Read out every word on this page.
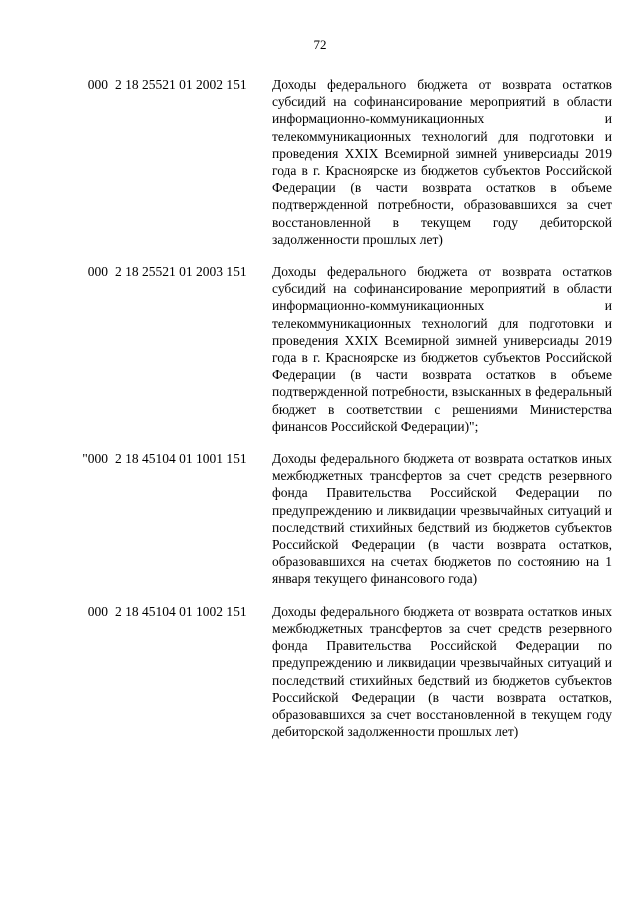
72
000 2 18 25521 01 2002 151	Доходы федерального бюджета от возврата остатков субсидий на софинансирование мероприятий в области информационно-коммуникационных и телекоммуникационных технологий для подготовки и проведения XXIX Всемирной зимней универсиады 2019 года в г. Красноярске из бюджетов субъектов Российской Федерации (в части возврата остатков в объеме подтвержденной потребности, образовавшихся за счет восстановленной в текущем году дебиторской задолженности прошлых лет)
000 2 18 25521 01 2003 151	Доходы федерального бюджета от возврата остатков субсидий на софинансирование мероприятий в области информационно-коммуникационных и телекоммуникационных технологий для подготовки и проведения XXIX Всемирной зимней универсиады 2019 года в г. Красноярске из бюджетов субъектов Российской Федерации (в части возврата остатков в объеме подтвержденной потребности, взысканных в федеральный бюджет в соответствии с решениями Министерства финансов Российской Федерации)";
"000 2 18 45104 01 1001 151	Доходы федерального бюджета от возврата остатков иных межбюджетных трансфертов за счет средств резервного фонда Правительства Российской Федерации по предупреждению и ликвидации чрезвычайных ситуаций и последствий стихийных бедствий из бюджетов субъектов Российской Федерации (в части возврата остатков, образовавшихся на счетах бюджетов по состоянию на 1 января текущего финансового года)
000 2 18 45104 01 1002 151	Доходы федерального бюджета от возврата остатков иных межбюджетных трансфертов за счет средств резервного фонда Правительства Российской Федерации по предупреждению и ликвидации чрезвычайных ситуаций и последствий стихийных бедствий из бюджетов субъектов Российской Федерации (в части возврата остатков, образовавшихся за счет восстановленной в текущем году дебиторской задолженности прошлых лет)
